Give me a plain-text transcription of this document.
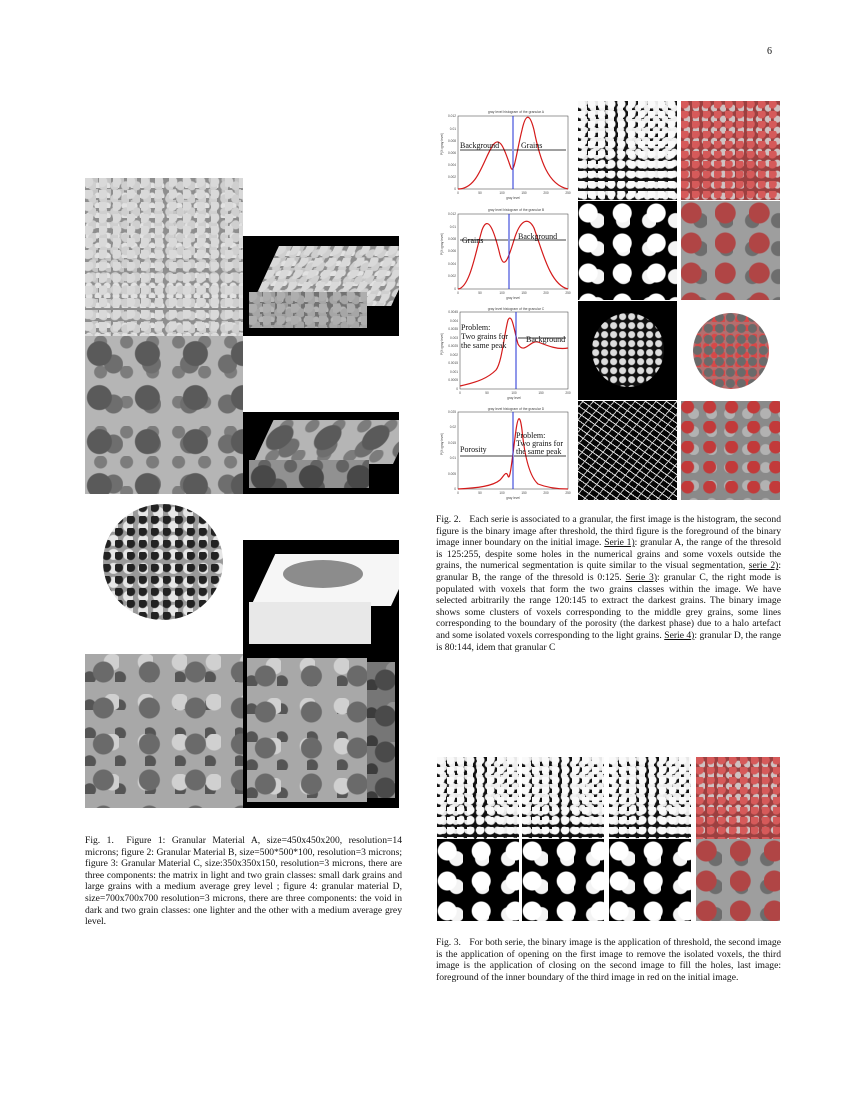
6
Fig. 1. Figure 1: Granular Material A, size=450x450x200, resolution=14 microns; figure 2: Granular Material B, size=500*500*100, resolution=3 microns; figure 3: Granular Material C, size:350x350x150, resolution=3 microns, there are three components: the matrix in light and two grain classes: small dark grains and large grains with a medium average grey level ; figure 4: granular material D, size=700x700x700 resolution=3 microns, there are three components: the void in dark and two grain classes: one lighter and the other with a medium average grey level.
gray level histogram of the granular A
P(X=gray level)
0.012
0.01
0.008
0.006
0.004
0.002
0
0	50	100	150	200	250
gray level
Background	Grains
gray level histogram of the granular B
P(X=gray level)
0.012
0.01
0.008
0.006
0.004
0.002
0
0	50	100	150	200	250
gray level
Grains	Background
gray level histogram of the granular C
P(X=gray level)
0.0045
0.004
0.0035
0.003
0.0025
0.002
0.0015
0.001
0.0005
0
0	50	100	150	200
gray level
Problem:
Two grains for
the same peak
Background
gray level histogram of the granular D
P(X=gray level)
0.025
0.02
0.015
0.01
0.005
0
0	50	100	150	200	250
gray level
Porosity
Problem:
Two grains for
the same peak
Fig. 2. Each serie is associated to a granular, the first image is the histogram, the second figure is the binary image after threshold, the third figure is the foreground of the binary image inner boundary on the initial image. Serie 1): granular A, the range of the thresold is 125:255, despite some holes in the numerical grains and some voxels outside the grains, the numerical segmentation is quite similar to the visual segmentation, serie 2): granular B, the range of the thresold is 0:125. Serie 3): granular C, the right mode is populated with voxels that form the two grains classes within the image. We have selected arbitrarily the range 120:145 to extract the darkest grains. The binary image shows some clusters of voxels corresponding to the middle grey grains, some lines corresponding to the boundary of the porosity (the darkest phase) due to a halo artefact and some isolated voxels corresponding to the light grains. Serie 4): granular D, the range is 80:144, idem that granular C
Fig. 3. For both serie, the binary image is the application of threshold, the second image is the application of opening on the first image to remove the isolated voxels, the third image is the application of closing on the second image to fill the holes, last image: foreground of the inner boundary of the third image in red on the initial image.
